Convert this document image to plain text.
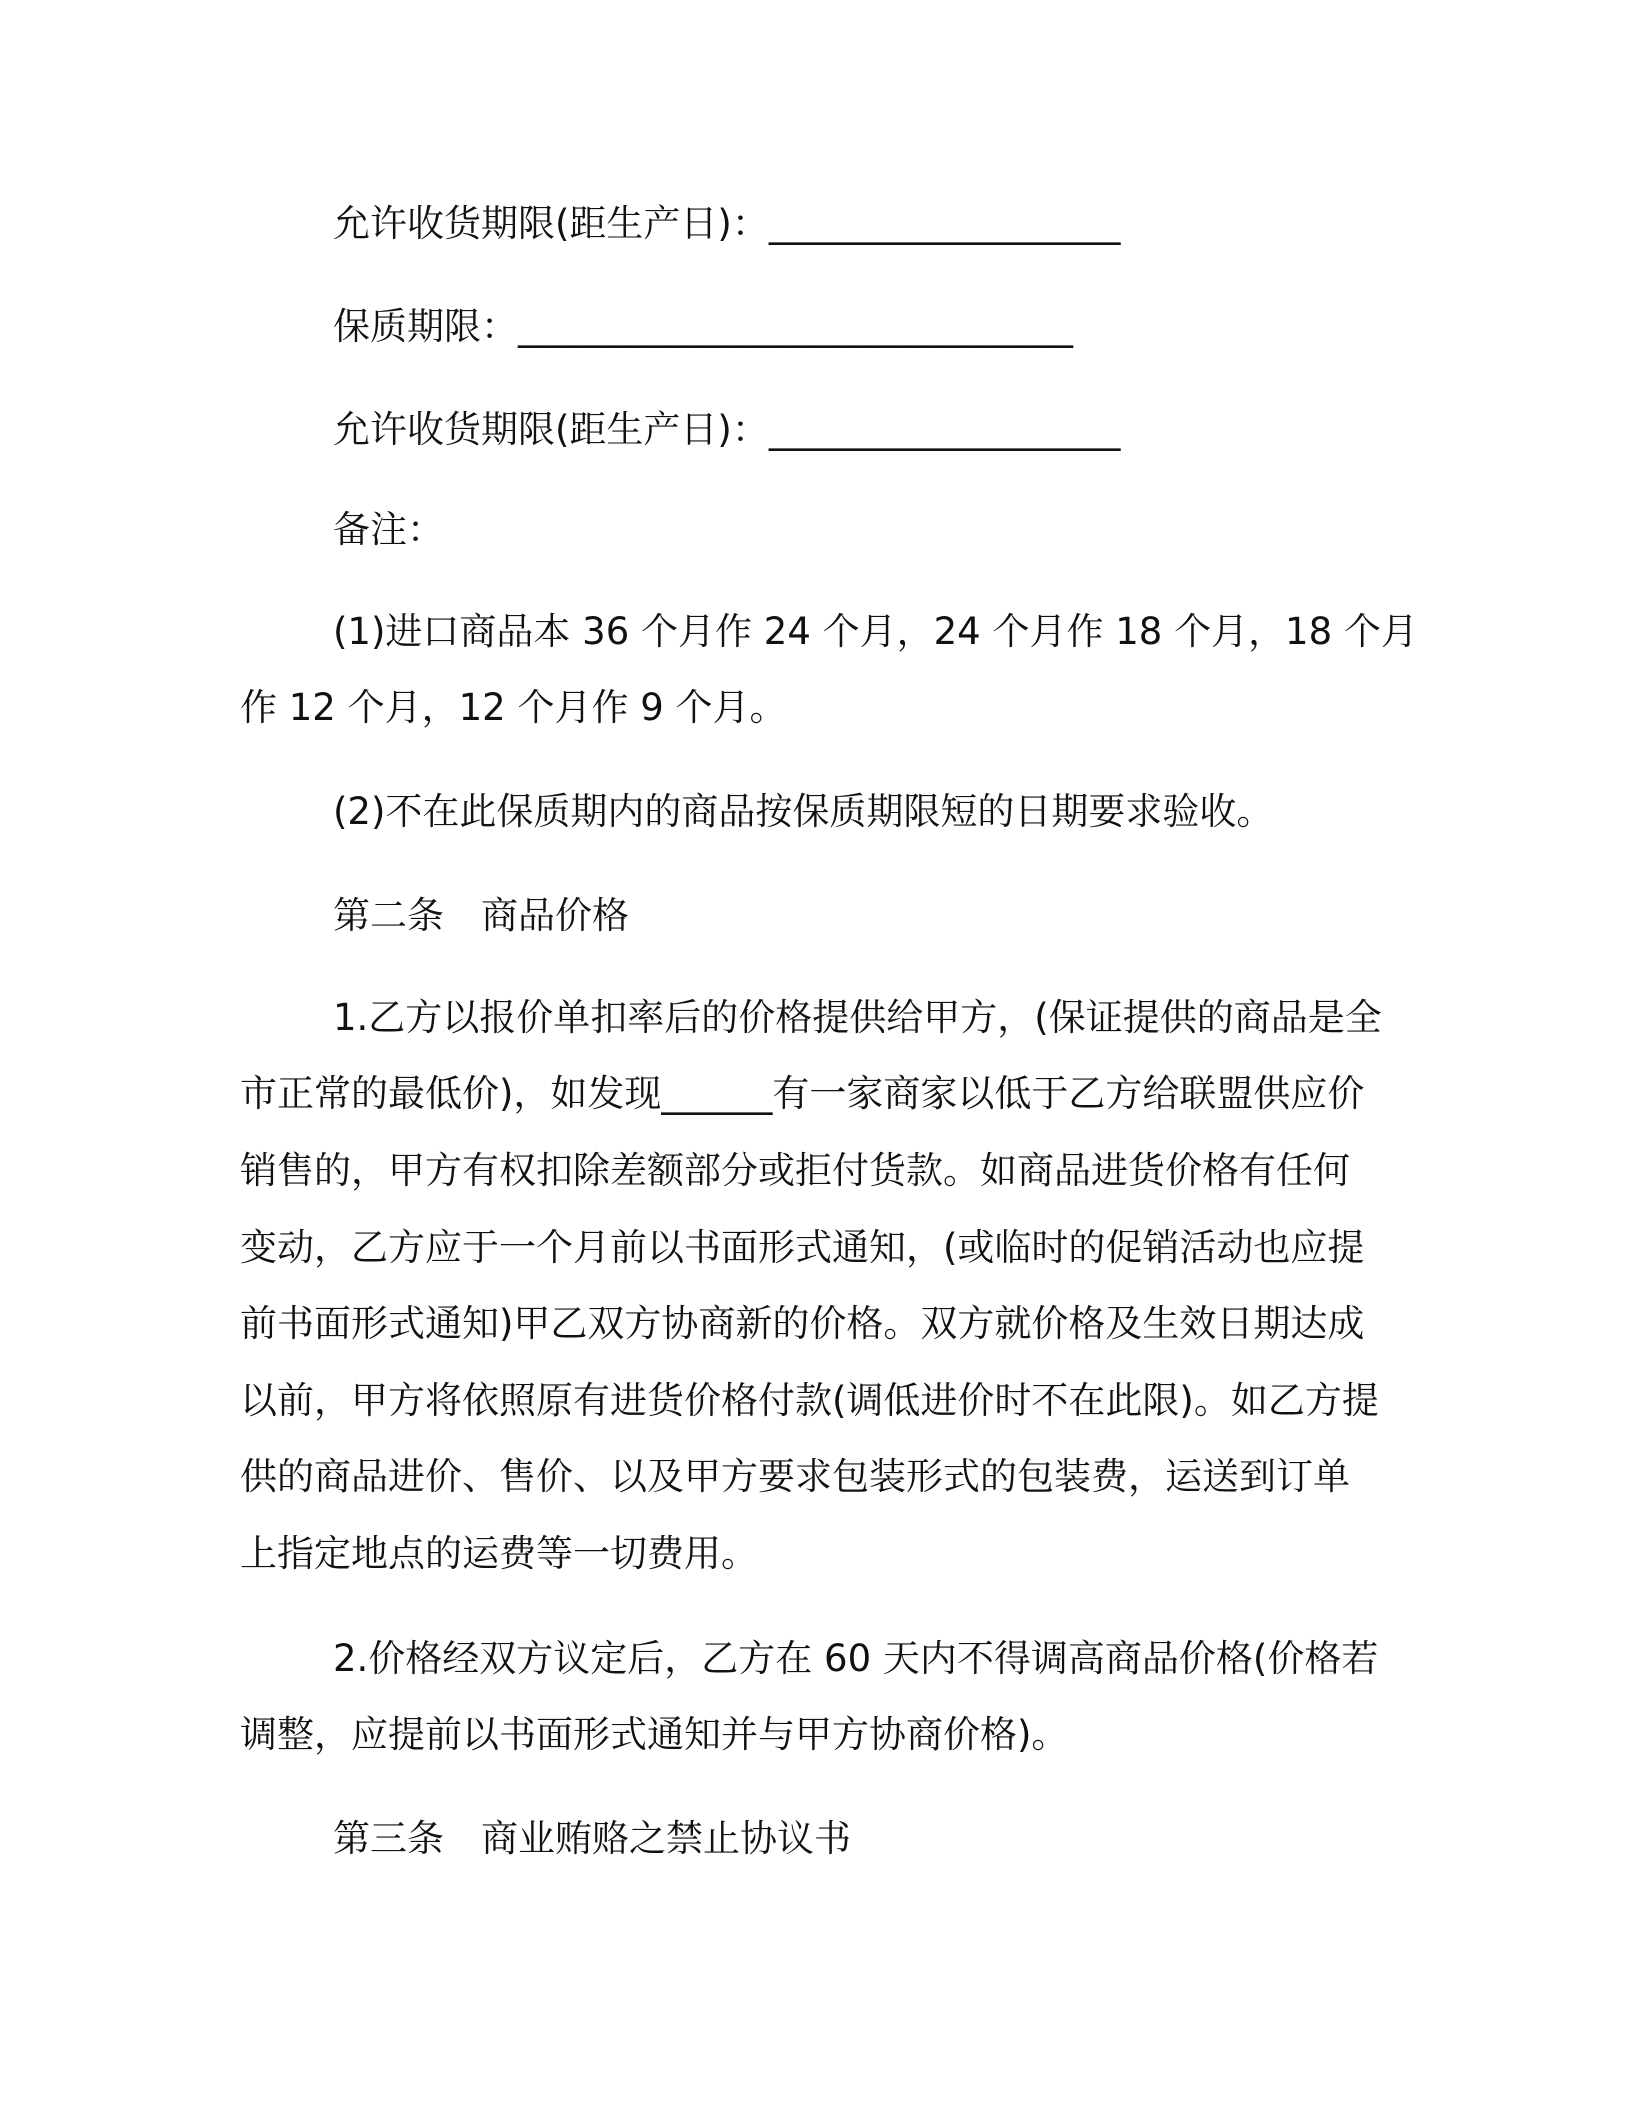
允许收货期限(距生产日)：___________________

保质期限：______________________________

允许收货期限(距生产日)：___________________

备注：

(1)进口商品本 36 个月作 24 个月，24 个月作 18 个月，18 个月

作 12 个月，12 个月作 9 个月。

(2)不在此保质期内的商品按保质期限短的日期要求验收。

第二条　商品价格

1.乙方以报价单扣率后的价格提供给甲方，(保证提供的商品是全

市正常的最低价)，如发现______有一家商家以低于乙方给联盟供应价

销售的，甲方有权扣除差额部分或拒付货款。如商品进货价格有任何

变动，乙方应于一个月前以书面形式通知，(或临时的促销活动也应提

前书面形式通知)甲乙双方协商新的价格。双方就价格及生效日期达成

以前，甲方将依照原有进货价格付款(调低进价时不在此限)。如乙方提

供的商品进价、售价、以及甲方要求包装形式的包装费，运送到订单

上指定地点的运费等一切费用。

2.价格经双方议定后，乙方在 60 天内不得调高商品价格(价格若

调整，应提前以书面形式通知并与甲方协商价格)。

第三条　商业贿赂之禁止协议书
